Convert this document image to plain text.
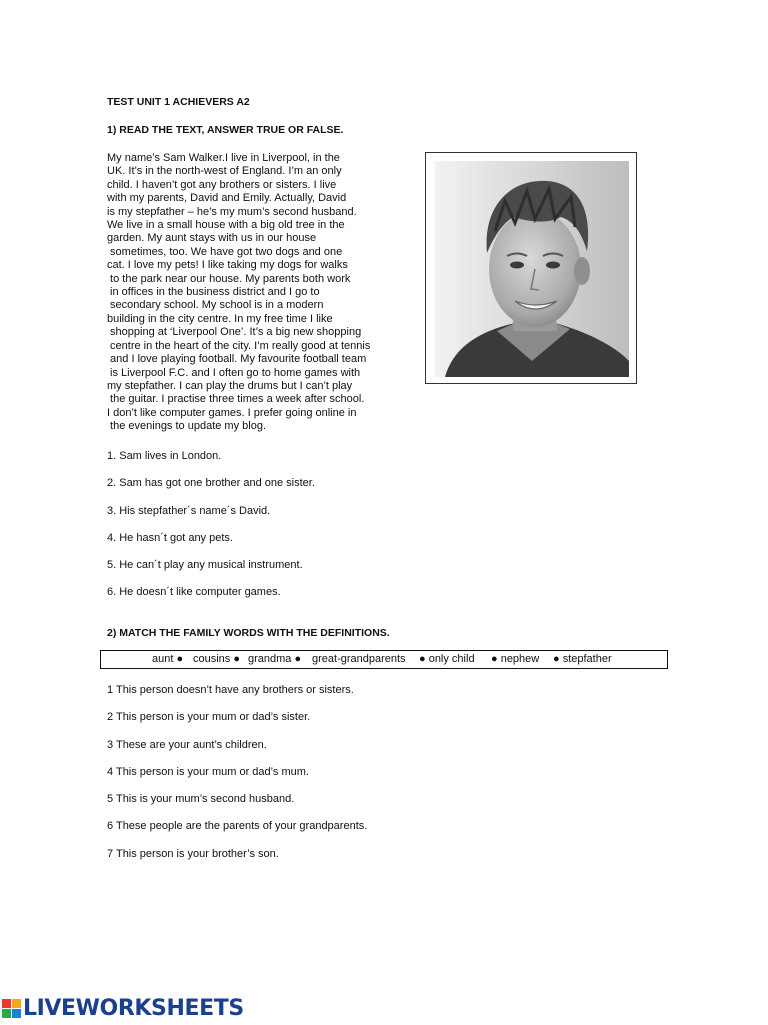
TEST UNIT 1 ACHIEVERS A2
1) READ THE TEXT, ANSWER TRUE OR FALSE.
My name’s Sam Walker.I live in Liverpool, in the
UK. It’s in the north-west of England. I’m an only
child. I haven’t got any brothers or sisters. I live
with my parents, David and Emily. Actually, David
is my stepfather – he’s my mum’s second husband.
We live in a small house with a big old tree in the
garden. My aunt stays with us in our house
sometimes, too. We have got two dogs and one
cat. I love my pets! I like taking my dogs for walks
to the park near our house. My parents both work
in offices in the business district and I go to
secondary school. My school is in a modern
building in the city centre. In my free time I like
shopping at ‘Liverpool One’. It’s a big new shopping
centre in the heart of the city. I’m really good at tennis
and I love playing football. My favourite football team
is Liverpool F.C. and I often go to home games with
my stepfather. I can play the drums but I can’t play
the guitar. I practise three times a week after school.
I don’t like computer games. I prefer going online in
the evenings to update my blog.
1. Sam lives in London.
2. Sam has got one brother and one sister.
3. His stepfather´s name´s David.
4. He hasn´t got any pets.
5. He can´t play any musical instrument.
6. He doesn´t like computer games.
2) MATCH THE FAMILY WORDS WITH THE DEFINITIONS.
aunt ● cousins ● grandma ● great-grandparents ● only child ● nephew ● stepfather
1 This person doesn’t have any brothers or sisters.
2 This person is your mum or dad’s sister.
3 These are your aunt’s children.
4 This person is your mum or dad’s mum.
5 This is your mum’s second husband.
6 These people are the parents of your grandparents.
7 This person is your brother’s son.
LIVEWORKSHEETS
